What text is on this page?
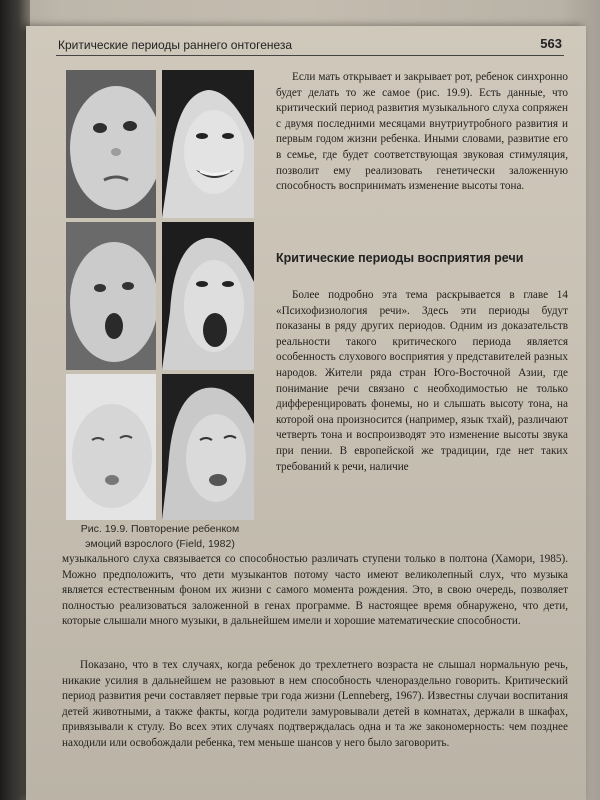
Критические периоды раннего онтогенеза	563
Рис. 19.9. Повторение ребенком эмоций взрослого (Field, 1982)
Если мать открывает и закрывает рот, ребенок синхронно будет делать то же самое (рис. 19.9). Есть данные, что критический период развития музыкального слуха сопряжен с двумя последними месяцами внутриутробного развития и первым годом жизни ребенка. Иными словами, развитие его в семье, где будет соответствующая звуковая стимуляция, позволит ему реализовать генетически заложенную способность воспринимать изменение высоты тона.
Критические периоды восприятия речи
Более подробно эта тема раскрывается в главе 14 «Психофизиология речи». Здесь эти периоды будут показаны в ряду других периодов. Одним из доказательств реальности такого критического периода является особенность слухового восприятия у представителей разных народов. Жители ряда стран Юго-Восточной Азии, где понимание речи связано с необходимостью не только дифференцировать фонемы, но и слышать высоту тона, на которой она произносится (например, язык тхай), различают четверть тона и воспроизводят это изменение высоты звука при пении. В европейской же традиции, где нет таких требований к речи, наличие
музыкального слуха связывается со способностью различать ступени только в полтона (Хамори, 1985). Можно предположить, что дети музыкантов потому часто имеют великолепный слух, что музыка является естественным фоном их жизни с самого момента рождения. Это, в свою очередь, позволяет полностью реализоваться заложенной в генах программе. В настоящее время обнаружено, что дети, которые слышали много музыки, в дальнейшем имели и хорошие математические способности.
Показано, что в тех случаях, когда ребенок до трехлетнего возраста не слышал нормальную речь, никакие усилия в дальнейшем не разовьют в нем способность членораздельно говорить. Критический период развития речи составляет первые три года жизни (Lenneberg, 1967). Известны случаи воспитания детей животными, а также факты, когда родители замуровывали детей в комнатах, держали в шкафах, привязывали к стулу. Во всех этих случаях подтверждалась одна и та же закономерность: чем позднее находили или освобождали ребенка, тем меньше шансов у него было заговорить.
